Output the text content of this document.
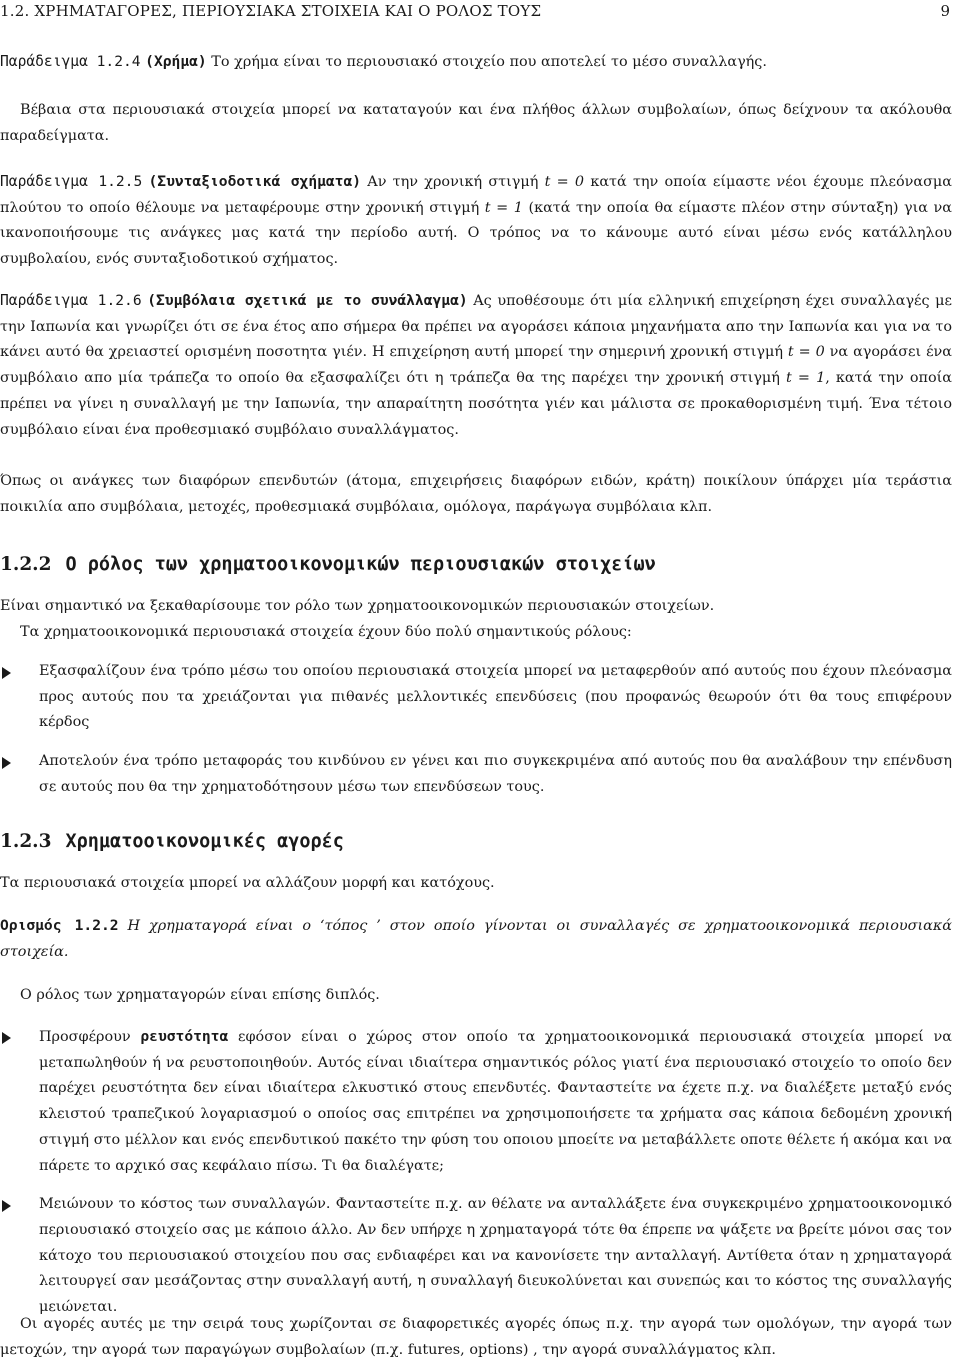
1.2. ΧΡΗΜΑΤΑΓΟΡΕΣ, ΠΕΡΙΟΥΣΙΑΚΑ ΣΤΟΙΧΕΙΑ ΚΑΙ Ο ΡΟΛΟΣ ΤΟΥΣ	9

Παράδειγμα 1.2.4 (Χρήμα) Το χρήμα είναι το περιουσιακό στοιχείο που αποτελεί το μέσο συναλλαγής.

Βέβαια στα περιουσιακά στοιχεία μπορεί να καταταγούν και ένα πλήθος άλλων συμβολαίων, όπως δείχνουν τα ακόλουθα παραδείγματα.

Παράδειγμα 1.2.5 (Συνταξιοδοτικά σχήματα) Αν την χρονική στιγμή t = 0 κατά την οποία είμαστε νέοι έχουμε πλεόνασμα πλούτου το οποίο θέλουμε να μεταφέρουμε στην χρονική στιγμή t = 1 (κατά την οποία θα είμαστε πλέον στην σύνταξη) για να ικανοποιήσουμε τις ανάγκες μας κατά την περίοδο αυτή. Ο τρόπος να το κάνουμε αυτό είναι μέσω ενός κατάλληλου συμβολαίου, ενός συνταξιοδοτικού σχήματος.

Παράδειγμα 1.2.6 (Συμβόλαια σχετικά με το συνάλλαγμα) Ας υποθέσουμε ότι μία ελληνική επιχείρηση έχει συναλλαγές με την Ιαπωνία και γνωρίζει ότι σε ένα έτος απο σήμερα θα πρέπει να αγοράσει κάποια μηχανήματα απο την Ιαπωνία και για να το κάνει αυτό θα χρειαστεί ορισμένη ποσοτητα γιέν. Η επιχείρηση αυτή μπορεί την σημερινή χρονική στιγμή t = 0 να αγοράσει ένα συμβόλαιο απο μία τράπεζα το οποίο θα εξασφαλίζει ότι η τράπεζα θα της παρέχει την χρονική στιγμή t = 1, κατά την οποία πρέπει να γίνει η συναλλαγή με την Ιαπωνία, την απαραίτητη ποσότητα γιέν και μάλιστα σε προκαθορισμένη τιμή. Ένα τέτοιο συμβόλαιο είναι ένα προθεσμιακό συμβόλαιο συναλλάγματος.

Όπως οι ανάγκες των διαφόρων επενδυτών (άτομα, επιχειρήσεις διαφόρων ειδών, κράτη) ποικίλουν ύπάρχει μία τεράστια ποικιλία απο συμβόλαια, μετοχές, προθεσμιακά συμβόλαια, ομόλογα, παράγωγα συμβόλαια κλπ.

1.2.2 Ο ρόλος των χρηματοοικονομικών περιουσιακών στοιχείων

Είναι σημαντικό να ξεκαθαρίσουμε τον ρόλο των χρηματοοικονομικών περιουσιακών στοιχείων.

Τα χρηματοοικονομικά περιουσιακά στοιχεία έχουν δύο πολύ σημαντικούς ρόλους:

Εξασφαλίζουν ένα τρόπο μέσω του οποίου περιουσιακά στοιχεία μπορεί να μεταφερθούν από αυτούς που έχουν πλεόνασμα προς αυτούς που τα χρειάζονται για πιθανές μελλοντικές επενδύσεις (που προφανώς θεωρούν ότι θα τους επιφέρουν κέρδος

Αποτελούν ένα τρόπο μεταφοράς του κινδύνου εν γένει και πιο συγκεκριμένα από αυτούς που θα αναλάβουν την επένδυση σε αυτούς που θα την χρηματοδότησουν μέσω των επενδύσεων τους.

1.2.3 Χρηματοοικονομικές αγορές

Τα περιουσιακά στοιχεία μπορεί να αλλάζουν μορφή και κατόχους.

Ορισμός 1.2.2 Η χρηματαγορά είναι ο ‘τόπος ’ στον οποίο γίνονται οι συναλλαγές σε χρηματοοικονομικά περιουσιακά στοιχεία.

Ο ρόλος των χρηματαγορών είναι επίσης διπλός.

Προσφέρουν ρευστότητα εφόσον είναι ο χώρος στον οποίο τα χρηματοοικονομικά περιουσιακά στοιχεία μπορεί να μεταπωληθούν ή να ρευστοποιηθούν. Αυτός είναι ιδιαίτερα σημαντικός ρόλος γιατί ένα περιουσιακό στοιχείο το οποίο δεν παρέχει ρευστότητα δεν είναι ιδιαίτερα ελκυστικό στους επενδυτές. Φανταστείτε να έχετε π.χ. να διαλέξετε μεταξύ ενός κλειστού τραπεζικού λογαριασμού ο οποίος σας επιτρέπει να χρησιμοποιήσετε τα χρήματα σας κάποια δεδομένη χρονική στιγμή στο μέλλον και ενός επενδυτικού πακέτο την φύση του οποιου μποείτε να μεταβάλλετε οποτε θέλετε ή ακόμα και να πάρετε το αρχικό σας κεφάλαιο πίσω. Τι θα διαλέγατε;

Μειώνουν το κόστος των συναλλαγών. Φανταστείτε π.χ. αν θέλατε να ανταλλάξετε ένα συγκεκριμένο χρηματοοικονομικό περιουσιακό στοιχείο σας με κάποιο άλλο. Αν δεν υπήρχε η χρηματαγορά τότε θα έπρεπε να ψάξετε να βρείτε μόνοι σας τον κάτοχο του περιουσιακού στοιχείου που σας ενδιαφέρει και να κανονίσετε την ανταλλαγή. Αντίθετα όταν η χρηματαγορά λειτουργεί σαν μεσάζοντας στην συναλλαγή αυτή, η συναλλαγή διευκολύνεται και συνεπώς και το κόστος της συναλλαγής μειώνεται.

Οι αγορές αυτές με την σειρά τους χωρίζονται σε διαφορετικές αγορές όπως π.χ. την αγορά των ομολόγων, την αγορά των μετοχών, την αγορά των παραγώγων συμβολαίων (π.χ. futures, options) , την αγορά συναλλάγματος κλπ.
